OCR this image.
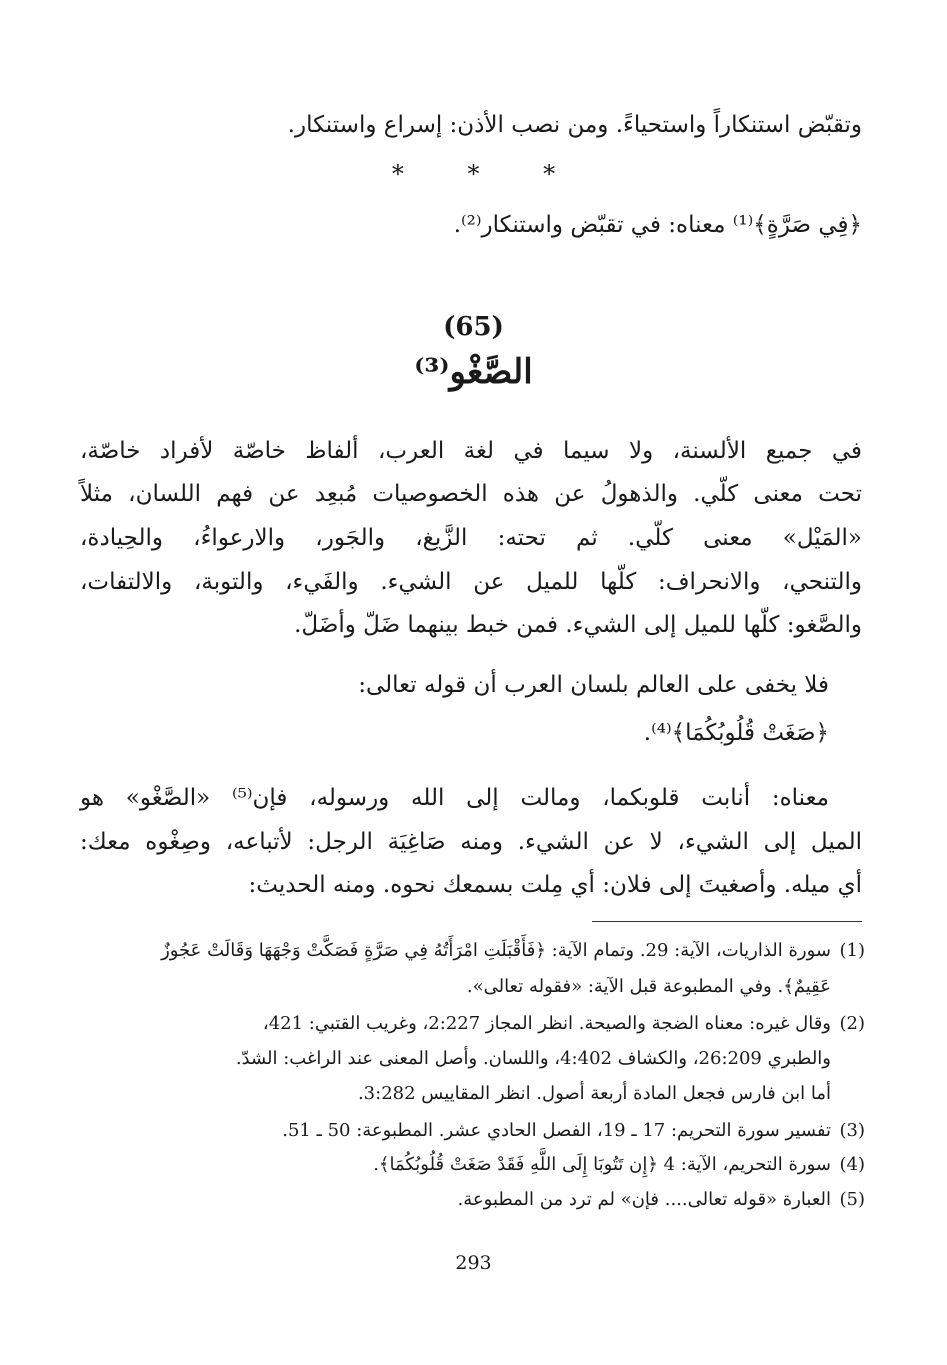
وتقبّض استنكاراً واستحياءً. ومن نصب الأذن: إسراع واستنكار.
* * *
﴿فِي صَرَّةٍ﴾⁽¹⁾ معناه: في تقبّض واستنكار⁽²⁾.
(65)
الصَّغْو⁽³⁾
في جميع الألسنة، ولا سيما في لغة العرب، ألفاظ خاصّة لأفراد خاصّة،
تحت معنى كلّي. والذهولُ عن هذه الخصوصيات مُبعِد عن فهم اللسان، مثلاً
«المَيْل» معنى كلّي. ثم تحته: الزَّيغ، والجَور، والارعواءُ، والحِيادة،
والتنحي، والانحراف: كلّها للميل عن الشيء. والفَيء، والتوبة، والالتفات،
والصَّغو: كلّها للميل إلى الشيء. فمن خبط بينهما ضَلّ وأضَلّ.
فلا يخفى على العالم بلسان العرب أن قوله تعالى:
﴿صَغَتْ قُلُوبُكُمَا﴾⁽⁴⁾.
معناه: أنابت قلوبكما، ومالت إلى الله ورسوله، فإن⁽⁵⁾ «الصَّغْو» هو
الميل إلى الشيء، لا عن الشيء. ومنه صَاغِيَة الرجل: لأتباعه، وصِغْوه معك:
أي ميله. وأصغيتَ إلى فلان: أي مِلت بسمعك نحوه. ومنه الحديث:
(1)سورة الذاريات، الآية: 29. وتمام الآية: ﴿فَأَقْبَلَتِ امْرَأَتُهُ فِي صَرَّةٍ فَصَكَّتْ وَجْهَهَا وَقَالَتْ عَجُوزٌ
عَقِيمٌ﴾. وفي المطبوعة قبل الآية: «فقوله تعالى».
(2)وقال غيره: معناه الضجة والصيحة. انظر المجاز 2:227، وغريب القتبي: 421،
والطبري 26:209، والكشاف 4:402، واللسان. وأصل المعنى عند الراغب: الشدّ.
أما ابن فارس فجعل المادة أربعة أصول. انظر المقاييس 3:282.
(3)تفسير سورة التحريم: 17 ـ 19، الفصل الحادي عشر. المطبوعة: 50 ـ 51.
(4)سورة التحريم، الآية: 4 ﴿إِن تَتُوبَا إِلَى اللَّهِ فَقَدْ صَغَتْ قُلُوبُكُمَا﴾.
(5)العبارة «قوله تعالى.... فإن» لم ترد من المطبوعة.
293
